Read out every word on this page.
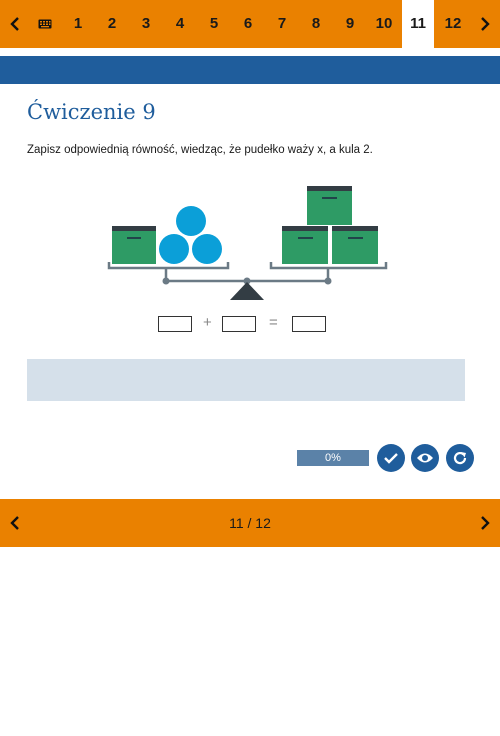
1	2	3	4	5	6	7	8	9	10	11	12
Ćwiczenie 9
Zapisz odpowiednią równość, wiedząc, że pudełko waży x, a kula 2.
+	=
0%
11 / 12
